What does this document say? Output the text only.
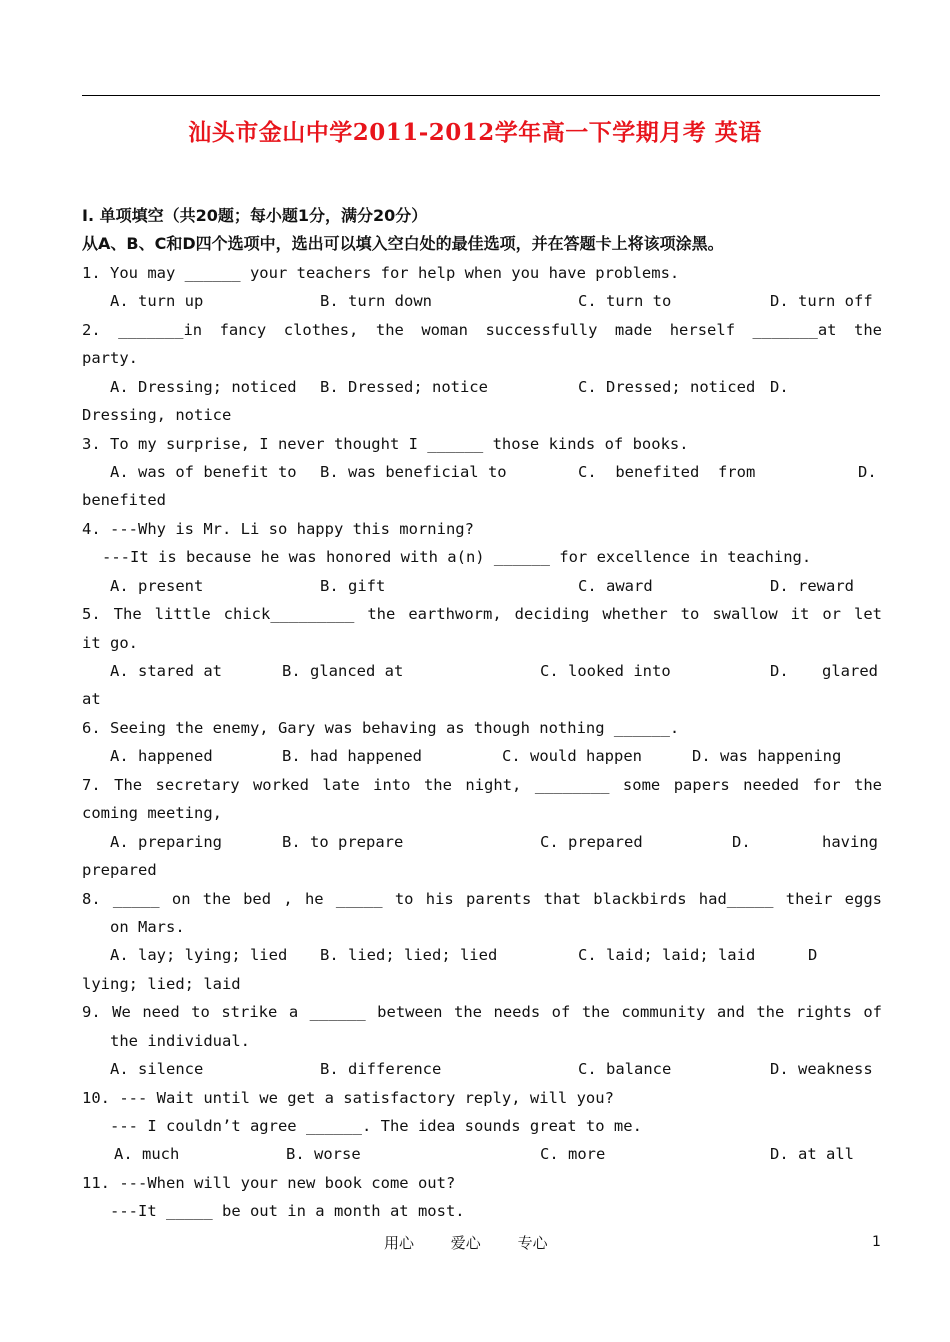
汕头市金山中学2011-2012学年高一下学期月考 英语
I. 单项填空（共20题；每小题1分，满分20分）
从A、B、C和D四个选项中，选出可以填入空白处的最佳选项，并在答题卡上将该项涂黑。
1. You may ______ your teachers for help when you have problems.

A. turn up

	B. turn down

	C. turn to

	D. turn off

2. _______in fancy clothes, the woman successfully made herself _______at the
party.

A. Dressing; noticed

B. Dressed; notice

	C. Dressed; noticed

D.

Dressing, notice
3. To my surprise, I never thought I ______ those kinds of books.

A. was of benefit to

B. was beneficial to

	C.  benefited  from

	D.

benefited
4. ---Why is Mr. Li so happy this morning?
---It is because he was honored with a(n) ______ for excellence in teaching.

A. present

	B. gift

	C. award

	D. reward

5. The little chick_________ the earthworm, deciding whether to swallow it or let
it go.

A. stared at

	B. glanced at

	C. looked into

	D.

glared

at
6. Seeing the enemy, Gary was behaving as though nothing ______.

A. happened

	B. had happened

	C. would happen

	D. was happening

7. The secretary worked late into the night, ________ some papers needed for the
coming meeting,

A. preparing

	B. to prepare

	C. prepared

	D.

	having

prepared
8. _____ on the bed , he _____ to his parents that blackbirds had_____ their eggs
on Mars.

A. lay; lying; lied

B. lied; lied; lied

	C. laid; laid; laid

	D

lying; lied; laid
9. We need to strike a ______ between the needs of the community and the rights of
the individual.

A. silence

	B. difference

	C. balance

	D. weakness

10. --- Wait until we get a satisfactory reply, will you?
--- I couldn’t agree ______. The idea sounds great to me.

A. much

	B. worse

	C. more

	D. at all

11. ---When will your new book come out?
---It _____ be out in a month at most.
用心 爱心 专心	1
